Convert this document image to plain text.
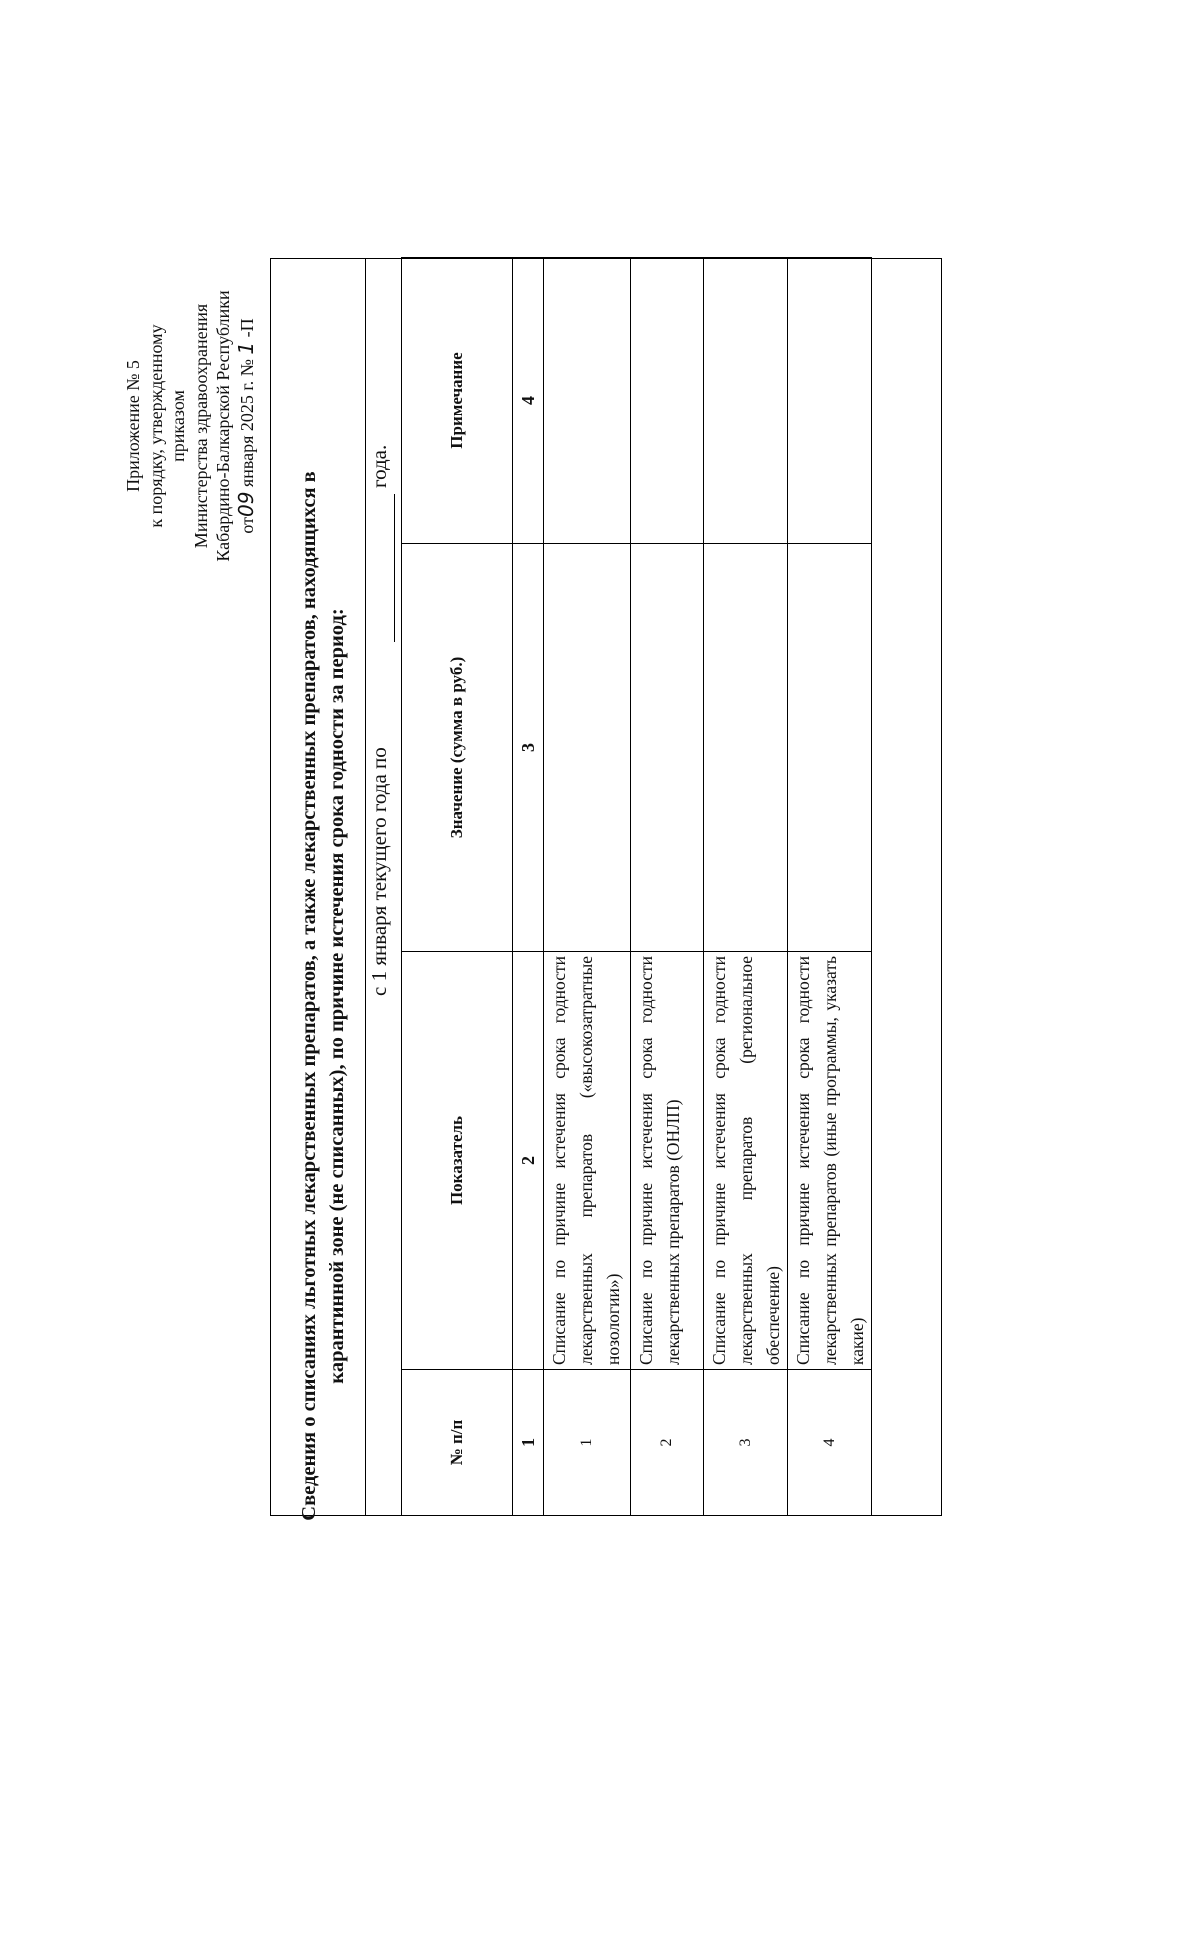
Приложение № 5 к порядку, утвержденному приказом Министерства здравоохранения Кабардино-Балкарской Республики от09 января 2025 г. № 1 -П
Сведения о списаниях льготных лекарственных препаратов, а также лекарственных препаратов, находящихся в карантинной зоне (не списанных), по причине истечения срока годности за период: с 1 января текущего года по
года.
№ п/п	Показатель	Значение (сумма в руб.)	Примечание
1	2	3	4
1	Списание по причине истечения срока годности лекарственных препаратов («высокозатратные нозологии»)		
2	Списание по причине истечения срока годности лекарственных препаратов (ОНЛП)		
3	Списание по причине истечения срока годности лекарственных препаратов (региональное обеспечение)		
4	Списание по причине истечения срока годности лекарственных препаратов (иные программы, указать какие)		
